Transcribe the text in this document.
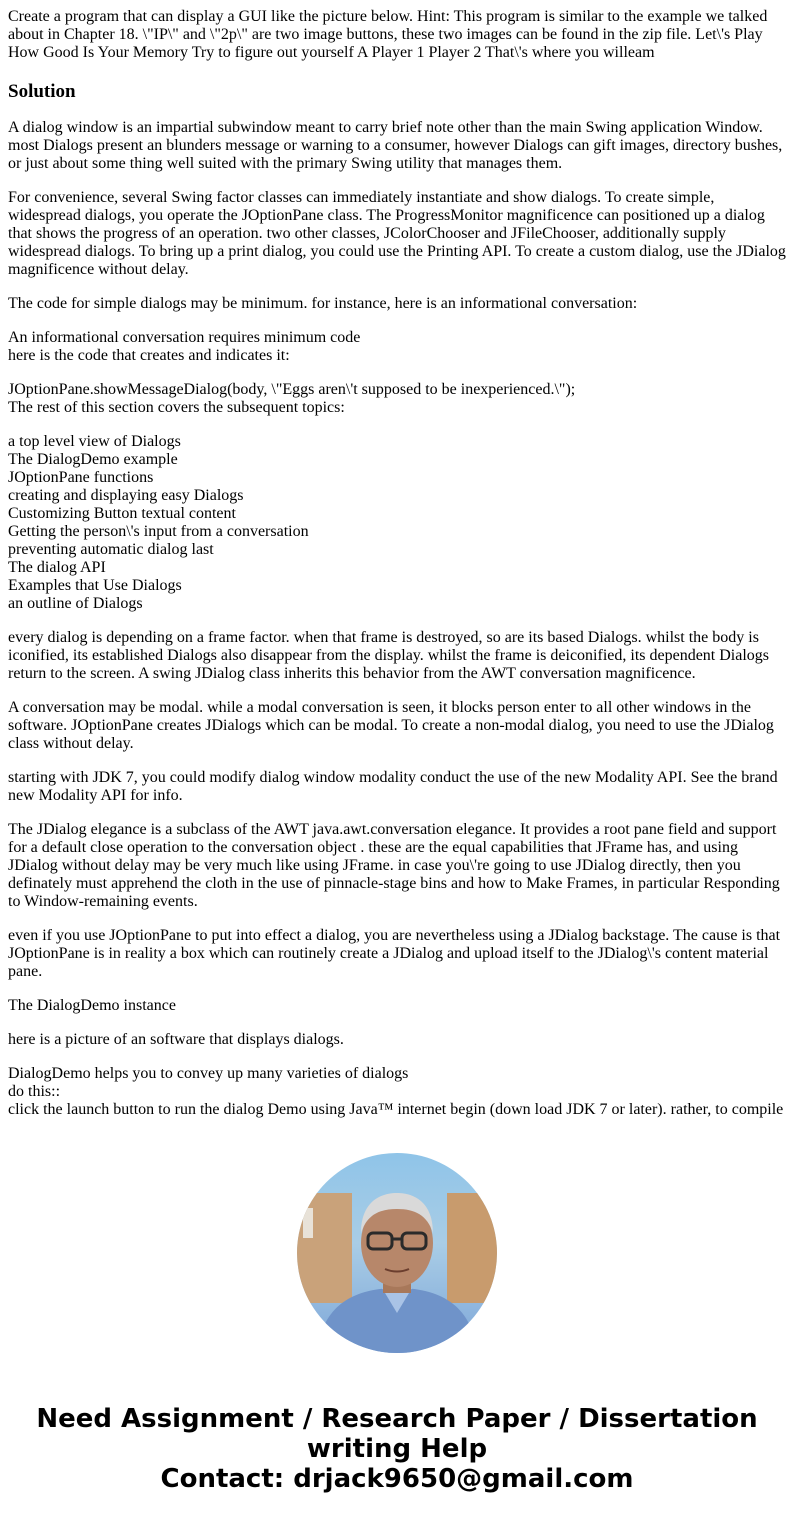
Create a program that can display a GUI like the picture below. Hint: This program is similar to the example we talked about in Chapter 18. \"IP\" and \"2p\" are two image buttons, these two images can be found in the zip file. Let\'s Play How Good Is Your Memory Try to figure out yourself A Player 1 Player 2 That\'s where you willeam

Solution

A dialog window is an impartial subwindow meant to carry brief note other than the main Swing application Window. most Dialogs present an blunders message or warning to a consumer, however Dialogs can gift images, directory bushes, or just about some thing well suited with the primary Swing utility that manages them.

For convenience, several Swing factor classes can immediately instantiate and show dialogs. To create simple, widespread dialogs, you operate the JOptionPane class. The ProgressMonitor magnificence can positioned up a dialog that shows the progress of an operation. two other classes, JColorChooser and JFileChooser, additionally supply widespread dialogs. To bring up a print dialog, you could use the Printing API. To create a custom dialog, use the JDialog magnificence without delay.

The code for simple dialogs may be minimum. for instance, here is an informational conversation:

An informational conversation requires minimum code
here is the code that creates and indicates it:
JOptionPane.showMessageDialog(body, \"Eggs aren\'t supposed to be inexperienced.\");
The rest of this section covers the subsequent topics:
a top level view of Dialogs
The DialogDemo example
JOptionPane functions
creating and displaying easy Dialogs
Customizing Button textual content
Getting the person\'s input from a conversation
preventing automatic dialog last
The dialog API
Examples that Use Dialogs
an outline of Dialogs

every dialog is depending on a frame factor. when that frame is destroyed, so are its based Dialogs. whilst the body is iconified, its established Dialogs also disappear from the display. whilst the frame is deiconified, its dependent Dialogs return to the screen. A swing JDialog class inherits this behavior from the AWT conversation magnificence.

A conversation may be modal. while a modal conversation is seen, it blocks person enter to all other windows in the software. JOptionPane creates JDialogs which can be modal. To create a non-modal dialog, you need to use the JDialog class without delay.

starting with JDK 7, you could modify dialog window modality conduct the use of the new Modality API. See the brand new Modality API for info.

The JDialog elegance is a subclass of the AWT java.awt.conversation elegance. It provides a root pane field and support for a default close operation to the conversation object . these are the equal capabilities that JFrame has, and using JDialog without delay may be very much like using JFrame. in case you\'re going to use JDialog directly, then you definately must apprehend the cloth in the use of pinnacle-stage bins and how to Make Frames, in particular Responding to Window-remaining events.

even if you use JOptionPane to put into effect a dialog, you are nevertheless using a JDialog backstage. The cause is that JOptionPane is in reality a box which can routinely create a JDialog and upload itself to the JDialog\'s content material pane.

The DialogDemo instance

here is a picture of an software that displays dialogs.

DialogDemo helps you to convey up many varieties of dialogs
do this::
click the launch button to run the dialog Demo using Java™ internet begin (down load JDK 7 or later). rather, to compile
Need Assignment / Research Paper / Dissertation
writing Help
Contact: drjack9650@gmail.com
